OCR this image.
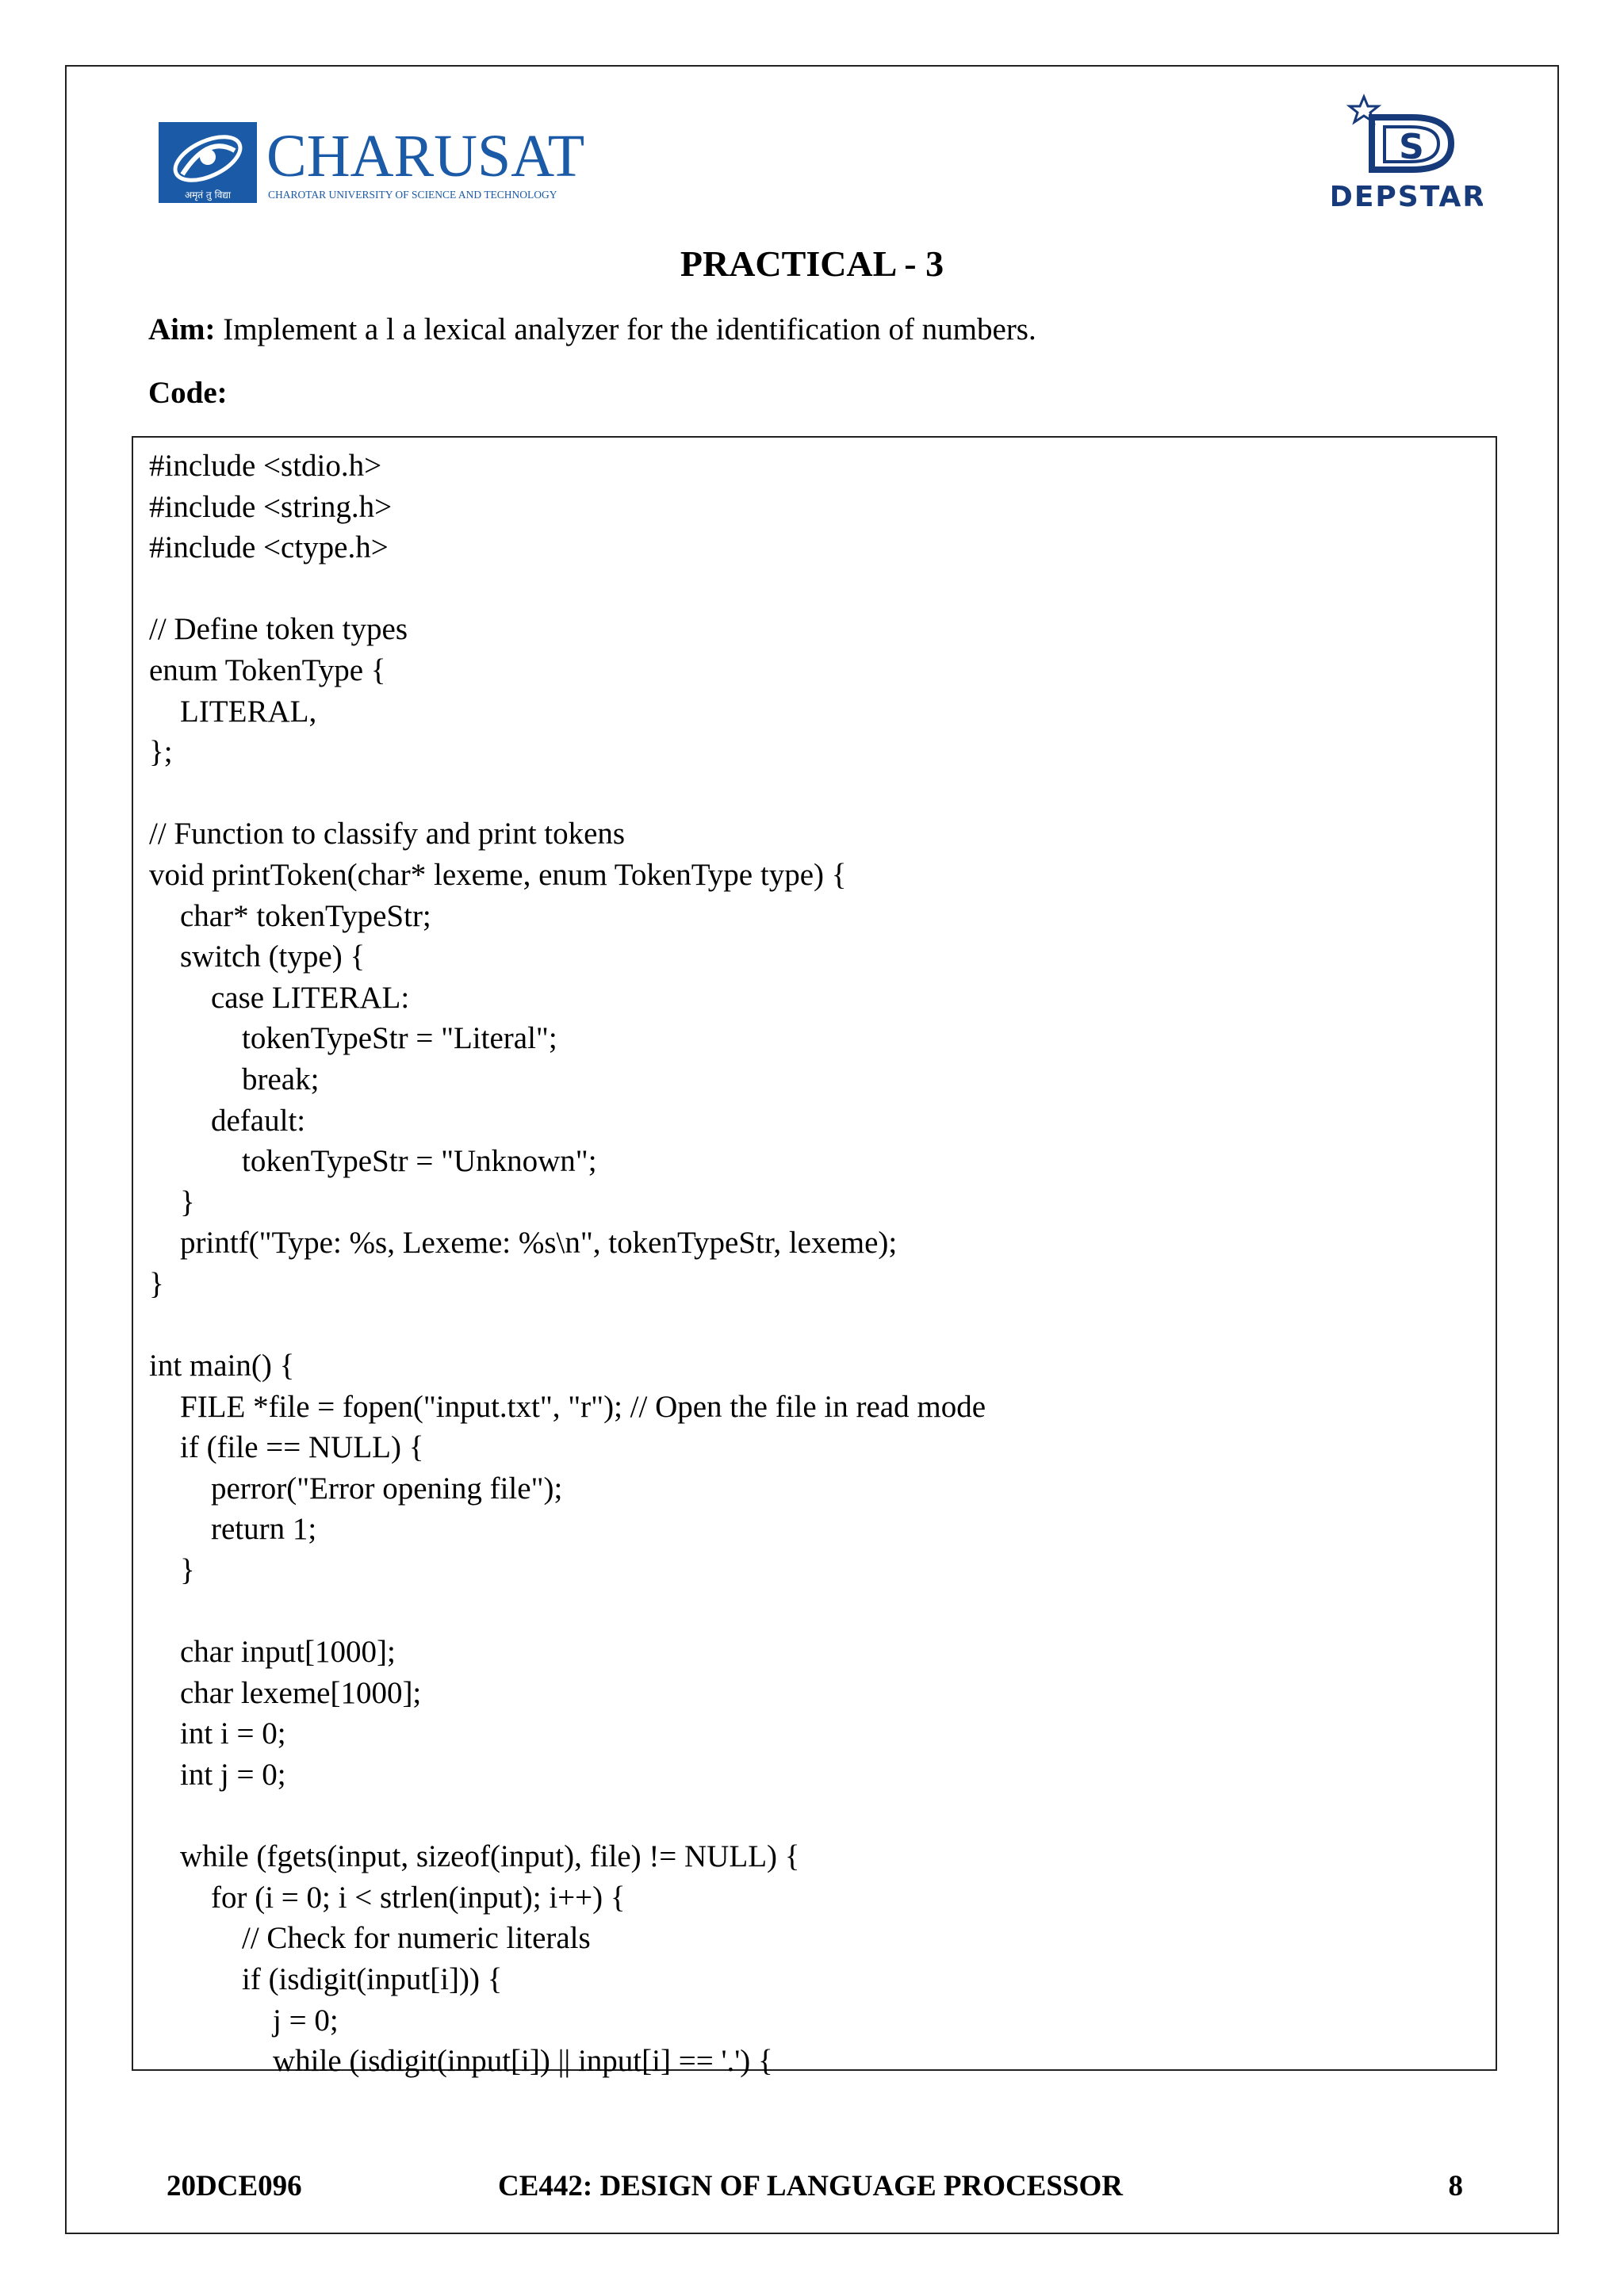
अमृतं तु विद्या
CHARUSAT
CHAROTAR UNIVERSITY OF SCIENCE AND TECHNOLOGY
S
DEPSTAR
PRACTICAL - 3
Aim: Implement a l a lexical analyzer for the identification of numbers.
Code:
#include <stdio.h>
#include <string.h>
#include <ctype.h>
// Define token types
enum TokenType {
LITERAL,
};
// Function to classify and print tokens
void printToken(char* lexeme, enum TokenType type) {
char* tokenTypeStr;
switch (type) {
case LITERAL:
tokenTypeStr = "Literal";
break;
default:
tokenTypeStr = "Unknown";
}
printf("Type: %s, Lexeme: %s\n", tokenTypeStr, lexeme);
}
int main() {
FILE *file = fopen("input.txt", "r"); // Open the file in read mode
if (file == NULL) {
perror("Error opening file");
return 1;
}
char input[1000];
char lexeme[1000];
int i = 0;
int j = 0;
while (fgets(input, sizeof(input), file) != NULL) {
for (i = 0; i < strlen(input); i++) {
// Check for numeric literals
if (isdigit(input[i])) {
j = 0;
while (isdigit(input[i]) || input[i] == '.') {
20DCE096	CE442: DESIGN OF LANGUAGE PROCESSOR	8
